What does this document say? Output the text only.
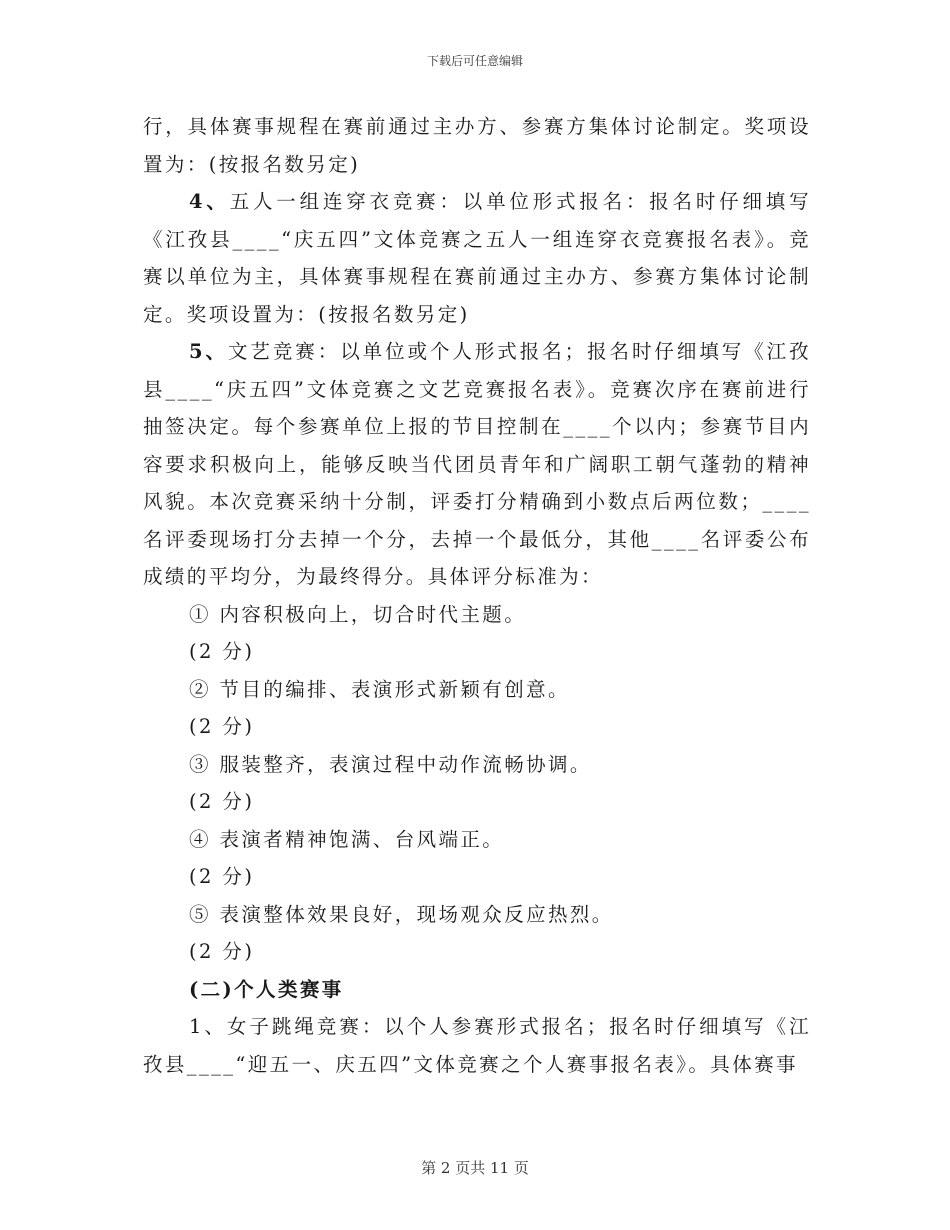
下载后可任意编辑

行，具体赛事规程在赛前通过主办方、参赛方集体讨论制定。奖项设置为：(按报名数另定)

4、五人一组连穿衣竞赛：以单位形式报名：报名时仔细填写《江孜县____“庆五四”文体竞赛之五人一组连穿衣竞赛报名表》。竞赛以单位为主，具体赛事规程在赛前通过主办方、参赛方集体讨论制定。奖项设置为：(按报名数另定)

5、文艺竞赛：以单位或个人形式报名；报名时仔细填写《江孜县____“庆五四”文体竞赛之文艺竞赛报名表》。竞赛次序在赛前进行抽签决定。每个参赛单位上报的节目控制在____个以内；参赛节目内容要求积极向上，能够反映当代团员青年和广阔职工朝气蓬勃的精神风貌。本次竞赛采纳十分制，评委打分精确到小数点后两位数；____名评委现场打分去掉一个分，去掉一个最低分，其他____名评委公布成绩的平均分，为最终得分。具体评分标准为：

① 内容积极向上，切合时代主题。

(2 分)

② 节目的编排、表演形式新颖有创意。

(2 分)

③ 服装整齐，表演过程中动作流畅协调。

(2 分)

④ 表演者精神饱满、台风端正。

(2 分)

⑤ 表演整体效果良好，现场观众反应热烈。

(2 分)

(二)个人类赛事

1、女子跳绳竞赛：以个人参赛形式报名；报名时仔细填写《江孜县____“迎五一、庆五四”文体竞赛之个人赛事报名表》。具体赛事

第 2 页共 11 页
